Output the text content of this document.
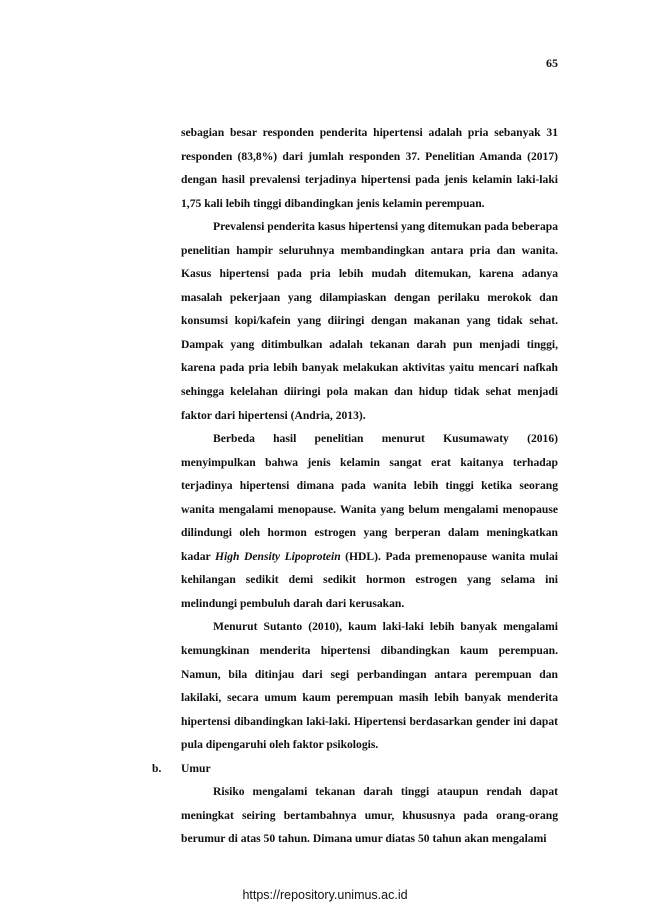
65

sebagian besar responden penderita hipertensi adalah pria sebanyak 31 responden (83,8%) dari jumlah responden 37. Penelitian Amanda (2017) dengan hasil prevalensi terjadinya hipertensi pada jenis kelamin laki-laki 1,75 kali lebih tinggi dibandingkan jenis kelamin perempuan.

Prevalensi penderita kasus hipertensi yang ditemukan pada beberapa penelitian hampir seluruhnya membandingkan antara pria dan wanita. Kasus hipertensi pada pria lebih mudah ditemukan, karena adanya masalah pekerjaan yang dilampiaskan dengan perilaku merokok dan konsumsi kopi/kafein yang diiringi dengan makanan yang tidak sehat. Dampak yang ditimbulkan adalah tekanan darah pun menjadi tinggi, karena pada pria lebih banyak melakukan aktivitas yaitu mencari nafkah sehingga kelelahan diiringi pola makan dan hidup tidak sehat menjadi faktor dari hipertensi (Andria, 2013).

Berbeda hasil penelitian menurut Kusumawaty (2016) menyimpulkan bahwa jenis kelamin sangat erat kaitanya terhadap terjadinya hipertensi dimana pada wanita lebih tinggi ketika seorang wanita mengalami menopause. Wanita yang belum mengalami menopause dilindungi oleh hormon estrogen yang berperan dalam meningkatkan kadar High Density Lipoprotein (HDL). Pada premenopause wanita mulai kehilangan sedikit demi sedikit hormon estrogen yang selama ini melindungi pembuluh darah dari kerusakan.

Menurut Sutanto (2010), kaum laki-laki lebih banyak mengalami kemungkinan menderita hipertensi dibandingkan kaum perempuan. Namun, bila ditinjau dari segi perbandingan antara perempuan dan lakilaki, secara umum kaum perempuan masih lebih banyak menderita hipertensi dibandingkan laki-laki. Hipertensi berdasarkan gender ini dapat pula dipengaruhi oleh faktor psikologis.

b. Umur

Risiko mengalami tekanan darah tinggi ataupun rendah dapat meningkat seiring bertambahnya umur, khususnya pada orang-orang berumur di atas 50 tahun. Dimana umur diatas 50 tahun akan mengalami

https://repository.unimus.ac.id
